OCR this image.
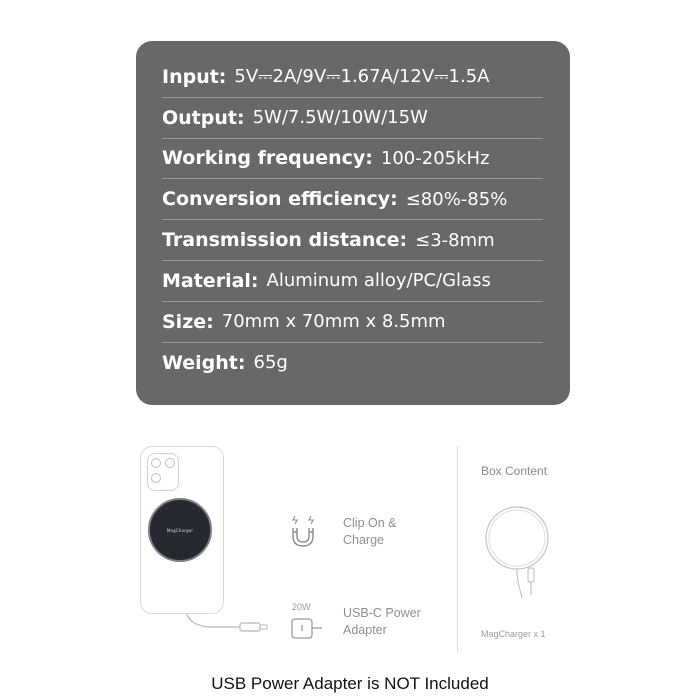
Input: 5V⎓2A/9V⎓1.67A/12V⎓1.5A
Output: 5W/7.5W/10W/15W
Working frequency: 100-205kHz
Conversion efficiency: ≤80%-85%
Transmission distance: ≤3-8mm
Material: Aluminum alloy/PC/Glass
Size: 70mm x 70mm x 8.5mm
Weight: 65g
MagCharger	Clip On &
Charge
20W	USB-C Power
Adapter
Box Content
MagCharger x 1
USB Power Adapter is NOT Included
